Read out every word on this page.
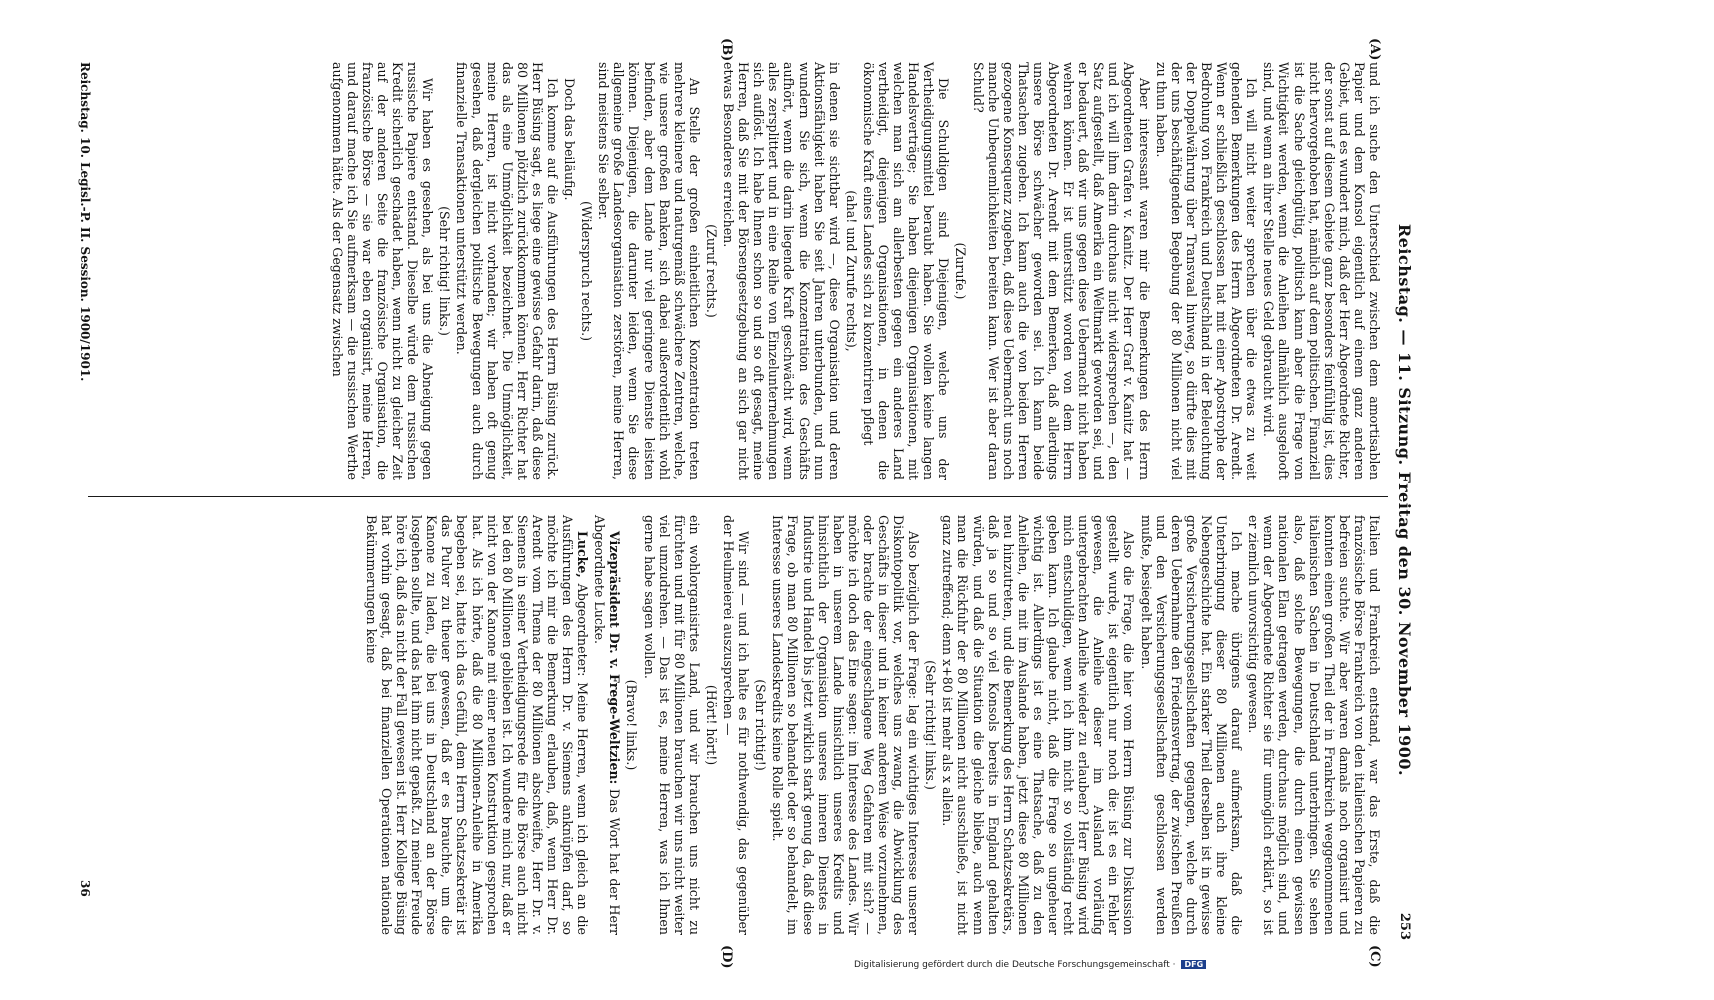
Reichstag. — 11. Sitzung. Freitag den 30. November 1900.
253
(A)
(B)
(C)
(D)

und ich suche den Unterschied zwischen dem amortisablen Papier und dem Konsol eigentlich auf einem ganz anderen Gebiet, und es wundert mich, daß der Herr Abgeordnete Richter, der sonst auf diesem Gebiete ganz besonders feinfühlig ist, dies nicht hervorgehoben hat, nämlich auf dem politischen. Finanziell ist die Sache gleichgültig, politisch kann aber die Frage von Wichtigkeit werden, wenn die Anleihen allmählich ausgelooft sind, und wenn an ihrer Stelle neues Geld gebraucht wird.

Ich will nicht weiter sprechen über die etwas zu weit gehenden Bemerkungen des Herrn Abgeordneten Dr. Arendt. Wenn er schließlich geschlossen hat mit einer Apostrophe der Bedrohung von Frankreich und Deutschland in der Beleuchtung der Doppelwährung über Transvaal hinweg, so dürfte dies mit der uns beschäftigenden Begebung der 80 Millionen nicht viel zu thun haben.

Aber interessant waren mir die Bemerkungen des Herrn Abgeordneten Grafen v. Kanitz. Der Herr Graf v. Kanitz hat — und ich will ihm darin durchaus nicht widersprechen —, den Satz aufgestellt, daß Amerika ein Weltmarkt geworden sei, und er bedauert, daß wir uns gegen diese Uebermacht nicht haben wehren können. Er ist unterstützt worden von dem Herrn Abgeordneten Dr. Arendt mit dem Bemerken, daß allerdings unsere Börse schwächer geworden sei. Ich kann beide Thatsachen zugeben. Ich kann auch die von beiden Herren gezogene Konsequenz zugeben, daß diese Uebermacht uns noch manche Unbequemlichkeiten bereiten kann. Wer ist aber daran Schuld?

(Zurufe.)

Die Schuldigen sind Diejenigen, welche uns der Vertheidigungsmittel beraubt haben. Sie wollen keine langen Handelsverträge; Sie haben diejenigen Organisationen, mit welchen man sich am allerbesten gegen ein anderes Land vertheidigt, diejenigen Organisationen, in denen die ökonomische Kraft eines Landes sich zu konzentriren pflegt

(aha! und Zurufe rechts),

in denen sie sichtbar wird —, diese Organisation und deren Aktionsfähigkeit haben Sie seit Jahren unterbunden, und nun wundern Sie sich, wenn die Konzentration des Geschäfts aufhört, wenn die darin liegende Kraft geschwächt wird, wenn alles zersplittert und in eine Reihe von Einzelunternehmungen sich auflöst. Ich habe Ihnen schon so und so oft gesagt, meine Herren, daß Sie mit der Börsengesetzgebung an sich gar nicht etwas Besonderes erreichen.

(Zuruf rechts.)

An Stelle der großen einheitlichen Konzentration treten mehrere kleinere und naturgemäß schwächere Zentren, welche, wie unsere großen Banken, sich dabei außerordentlich wohl befinden, aber dem Lande nur viel geringere Dienste leisten können. Diejenigen, die darunter leiden, wenn Sie diese allgemeine große Landesorganisation zerstören, meine Herren, sind meistens Sie selber.

(Widerspruch rechts.)

Doch das beiläufig.

Ich komme auf die Ausführungen des Herrn Büsing zurück. Herr Büsing sagt, es liege eine gewisse Gefahr darin, daß diese 80 Millionen plötzlich zurückkommen können. Herr Richter hat das als eine Unmöglichkeit bezeichnet. Die Unmöglichkeit, meine Herren, ist nicht vorhanden; wir haben oft genug gesehen, daß dergleichen politische Bewegungen auch durch finanzielle Transaktionen unterstützt werden.

(Sehr richtig! links.)

Wir haben es gesehen, als bei uns die Abneigung gegen russische Papiere entstand. Dieselbe würde dem russischen Kredit sicherlich geschadet haben, wenn nicht zu gleicher Zeit auf der anderen Seite die französische Organisation, die französische Börse — sie war eben organisirt, meine Herren, und darauf mache ich Sie aufmerksam — die russischen Werthe aufgenommen hätte. Als der Gegensatz zwischen

Italien und Frankreich entstand, war das Erste, daß die französische Börse Frankreich von den italienischen Papieren zu befreien suchte. Wir aber waren damals noch organisirt und konnten einen großen Theil der in Frankreich weggenommenen italienischen Sachen in Deutschland unterbringen. Sie sehen also, daß solche Bewegungen, die durch einen gewissen nationalen Elan getragen werden, durchaus möglich sind, und wenn der Abgeordnete Richter sie für unmöglich erklärt, so ist er ziemlich unvorsichtig gewesen.

Ich mache übrigens darauf aufmerksam, daß die Unterbringung dieser 80 Millionen auch ihre kleine Nebengeschichte hat. Ein starker Theil derselben ist in gewisse große Versicherungsgesellschaften gegangen, welche durch deren Uebernahme den Friedensvertrag, der zwischen Preußen und den Versicherungsgesellschaften geschlossen werden mußte, besiegelt haben.

Also die Frage, die hier vom Herrn Büsing zur Diskussion gestellt wurde, ist eigentlich nur noch die: ist es ein Fehler gewesen, die Anleihe dieser im Ausland vorläufig untergebrachten Anleihe wieder zu erlauben? Herr Büsing wird mich entschuldigen, wenn ich ihm nicht so vollständig recht geben kann. Ich glaube nicht, daß die Frage so ungeheuer wichtig ist. Allerdings ist es eine Thatsache, daß zu den Anleihen, die mit im Auslande haben, jetzt diese 80 Millionen neu hinzutreten, und die Bemerkung des Herrn Schatzsekretärs, daß ja so und so viel Konsols bereits in England gehalten würden, und daß die Situation die gleiche bliebe, auch wenn man die Rückfuhr der 80 Millionen nicht ausschließe, ist nicht ganz zutreffend; denn x+80 ist mehr als x allein.

(Sehr richtig! links.)

Also bezüglich der Frage: lag ein wichtiges Interesse unserer Diskontopolitik vor, welches uns zwang, die Abwicklung des Geschäfts in dieser und in keiner anderen Weise vorzunehmen, oder brachte der eingeschlagene Weg Gefahren mit sich? — möchte ich doch das Eine sagen: im Interesse des Landes. Wir haben in unserem Lande hinsichtlich unseres Kredits und hinsichtlich der Organisation unseres inneren Dienstes in Industrie und Handel bis jetzt wirklich stark genug da, daß diese Frage, ob man 80 Millionen so behandelt oder so behandelt, im Interesse unseres Landeskredits keine Rolle spielt.

(Sehr richtig!)

Wir sind — und ich halte es für nothwendig, das gegenüber der Heulmeierei auszusprechen —

(Hört! hört!)

ein wohlorganisirtes Land, und wir brauchen uns nicht zu fürchten und mit für 80 Millionen brauchen wir uns nicht weiter viel umzudrehen. — Das ist es, meine Herren, was ich Ihnen gerne habe sagen wollen.

(Bravo! links.)

Vizepräsident Dr. v. Frege-Weltzien: Das Wort hat der Herr Abgeordnete Lucke.

Lucke, Abgeordneter: Meine Herren, wenn ich gleich an die Ausführungen des Herrn Dr. v. Siemens anknüpfen darf, so möchte ich mir die Bemerkung erlauben, daß, wenn Herr Dr. Arendt vom Thema der 80 Millionen abschweifte, Herr Dr. v. Siemens in seiner Vertheidigungsrede für die Börse auch nicht bei den 80 Millionen geblieben ist. Ich wundere mich nur, daß er nicht von der Kanone mit einer neuen Konstruktion gesprochen hat. Als ich hörte, daß die 80 Millionen-Anleihe in Amerika begeben sei, hatte ich das Gefühl, dem Herrn Schatzsekretär ist das Pulver zu theuer gewesen, daß er es brauchte, um die Kanone zu laden, die bei uns in Deutschland an der Börse losgehen sollte, und das hat ihm nicht gepaßt. Zu meiner Freude höre ich, daß das nicht der Fall gewesen ist. Herr Kollege Büsing hat vorhin gesagt, daß bei finanziellen Operationen nationale Bekümmerungen keine

Reichstag. 10. Legisl.-P. II. Session. 1900/1901.
36
Digitalisierung gefördert durch die Deutsche Forschungsgemeinschaft · DFG
